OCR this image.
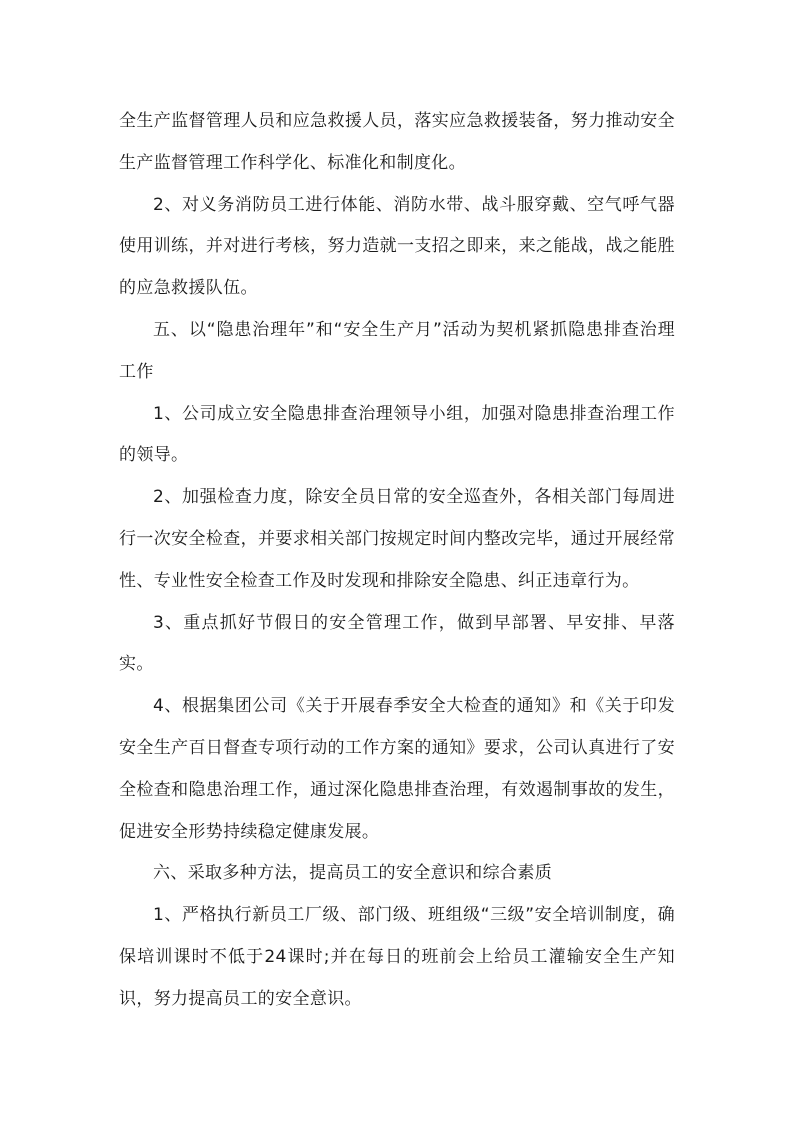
全生产监督管理人员和应急救援人员，落实应急救援装备，努力推动安全生产监督管理工作科学化、标准化和制度化。

2、对义务消防员工进行体能、消防水带、战斗服穿戴、空气呼气器使用训练，并对进行考核，努力造就一支招之即来，来之能战，战之能胜的应急救援队伍。

五、以“隐患治理年”和“安全生产月”活动为契机紧抓隐患排查治理工作

1、公司成立安全隐患排查治理领导小组，加强对隐患排查治理工作的领导。

2、加强检查力度，除安全员日常的安全巡查外，各相关部门每周进行一次安全检查，并要求相关部门按规定时间内整改完毕，通过开展经常性、专业性安全检查工作及时发现和排除安全隐患、纠正违章行为。

3、重点抓好节假日的安全管理工作，做到早部署、早安排、早落实。

4、根据集团公司《关于开展春季安全大检查的通知》和《关于印发安全生产百日督查专项行动的工作方案的通知》要求，公司认真进行了安全检查和隐患治理工作，通过深化隐患排查治理，有效遏制事故的发生，促进安全形势持续稳定健康发展。

六、采取多种方法，提高员工的安全意识和综合素质

1、严格执行新员工厂级、部门级、班组级“三级”安全培训制度，确保培训课时不低于24课时;并在每日的班前会上给员工灌输安全生产知识，努力提高员工的安全意识。
